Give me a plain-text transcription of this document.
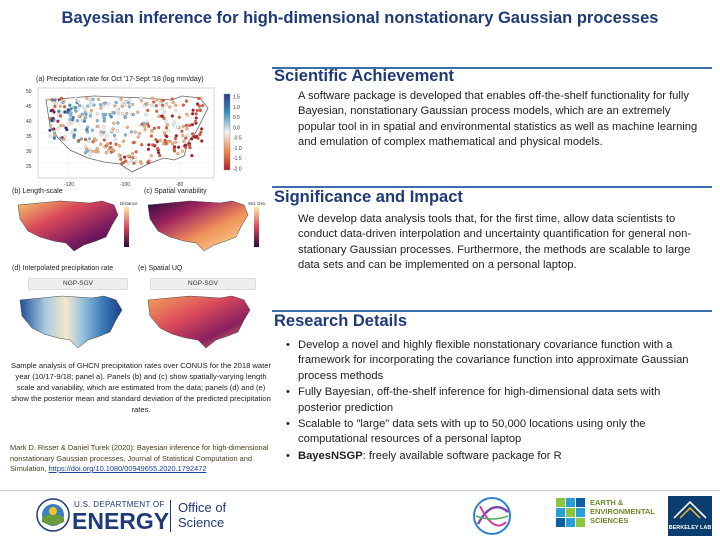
Bayesian inference for high-dimensional nonstationary Gaussian processes
(a) Precipitation rate for Oct '17-Sept '18 (log mm/day)
1.5
1.0
0.5
0.0
-0.5
-1.0
-1.5
-2.0
50
45
40
35
30
25
-120	-100	-80
(b) Length-scale	(c) Spatial variability
Distance	Std. Dev.
(d) Interpolated precipitation rate	(e) Spatial UQ
NGP-SGV	NGP-SGV
Sample analysis of GHCN precipitation rates over CONUS for the 2018 water year (10/17-9/18; panel a). Panels (b) and (c) show spatially-varying length scale and variability, which are estimated from the data; panels (d) and (e) show the posterior mean and standard deviation of the predicted precipitation rates.
Mark D. Risser & Daniel Turek (2020): Bayesian inference for high-dimensional nonstationary Gaussian processes, Journal of Statistical Computation and Simulation, https://doi.org/10.1080/00949655.2020.1792472
Scientific Achievement
A software package is developed that enables off-the-shelf functionality for fully Bayesian, nonstationary Gaussian process models, which are an extremely popular tool in in spatial and environmental statistics as well as machine learning and emulation of complex mathematical and physical models.
Significance and Impact
We develop data analysis tools that, for the first time, allow data scientists to conduct data-driven interpolation and uncertainty quantification for general non-stationary Gaussian processes. Furthermore, the methods are scalable to large data sets and can be implemented on a personal laptop.
Research Details
• Develop a novel and highly flexible nonstationary covariance function with a framework for incorporating the covariance function into approximate Gaussian process methods
• Fully Bayesian, off-the-shelf inference for high-dimensional data sets with posterior prediction
• Scalable to "large" data sets with up to 50,000 locations using only the computational resources of a personal laptop
• BayesNSGP: freely available software package for R
U.S. DEPARTMENT OF
ENERGY
Office of
Science
EARTH &
ENVIRONMENTAL
SCIENCES
BERKELEY LAB
